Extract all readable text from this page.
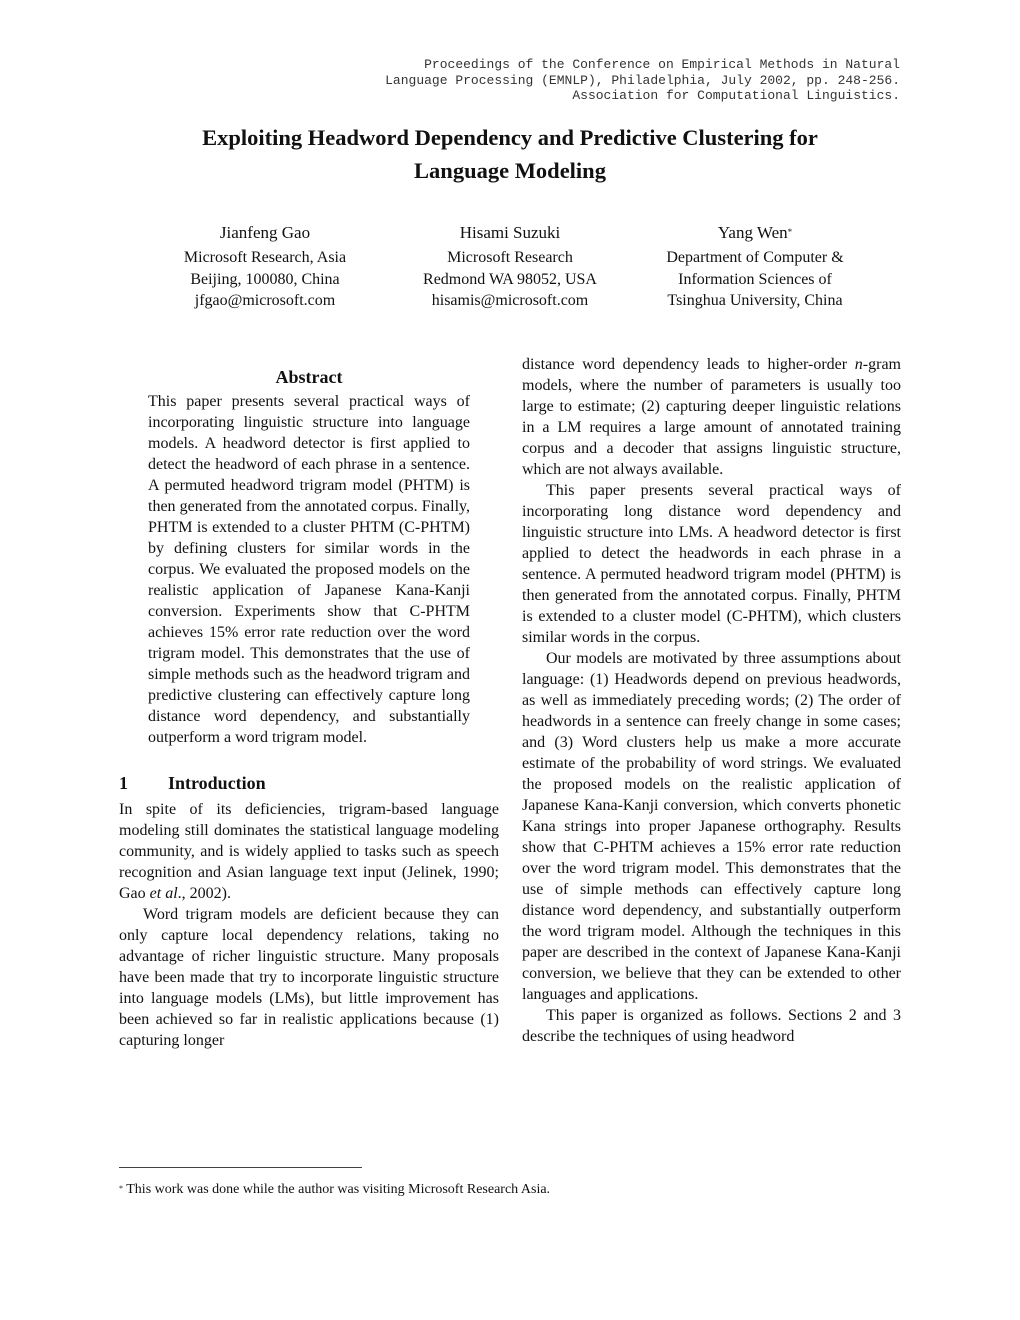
Proceedings of the Conference on Empirical Methods in Natural
Language Processing (EMNLP), Philadelphia, July 2002, pp. 248-256.
Association for Computational Linguistics.
Exploiting Headword Dependency and Predictive Clustering for
Language Modeling
Jianfeng Gao
Microsoft Research, Asia
Beijing, 100080, China
jfgao@microsoft.com
Hisami Suzuki
Microsoft Research
Redmond WA 98052, USA
hisamis@microsoft.com
Yang Wen*
Department of Computer &
Information Sciences of
Tsinghua University, China
Abstract
This paper presents several practical ways of incorporating linguistic structure into language models. A headword detector is first applied to detect the headword of each phrase in a sentence. A permuted headword trigram model (PHTM) is then generated from the annotated corpus. Finally, PHTM is extended to a cluster PHTM (C-PHTM) by defining clusters for similar words in the corpus. We evaluated the proposed models on the realistic application of Japanese Kana-Kanji conversion. Experiments show that C-PHTM achieves 15% error rate reduction over the word trigram model. This demonstrates that the use of simple methods such as the headword trigram and predictive clustering can effectively capture long distance word dependency, and substantially outperform a word trigram model.
1	Introduction

In spite of its deficiencies, trigram-based language modeling still dominates the statistical language modeling community, and is widely applied to tasks such as speech recognition and Asian language text input (Jelinek, 1990; Gao et al., 2002).

Word trigram models are deficient because they can only capture local dependency relations, taking no advantage of richer linguistic structure. Many proposals have been made that try to incorporate linguistic structure into language models (LMs), but little improvement has been achieved so far in realistic applications because (1) capturing longer

distance word dependency leads to higher-order n-gram models, where the number of parameters is usually too large to estimate; (2) capturing deeper linguistic relations in a LM requires a large amount of annotated training corpus and a decoder that assigns linguistic structure, which are not always available.

This paper presents several practical ways of incorporating long distance word dependency and linguistic structure into LMs. A headword detector is first applied to detect the headwords in each phrase in a sentence. A permuted headword trigram model (PHTM) is then generated from the annotated corpus. Finally, PHTM is extended to a cluster model (C-PHTM), which clusters similar words in the corpus.

Our models are motivated by three assumptions about language: (1) Headwords depend on previous headwords, as well as immediately preceding words; (2) The order of headwords in a sentence can freely change in some cases; and (3) Word clusters help us make a more accurate estimate of the probability of word strings. We evaluated the proposed models on the realistic application of Japanese Kana-Kanji conversion, which converts phonetic Kana strings into proper Japanese orthography. Results show that C-PHTM achieves a 15% error rate reduction over the word trigram model. This demonstrates that the use of simple methods can effectively capture long distance word dependency, and substantially outperform the word trigram model. Although the techniques in this paper are described in the context of Japanese Kana-Kanji conversion, we believe that they can be extended to other languages and applications.

This paper is organized as follows. Sections 2 and 3 describe the techniques of using headword

* This work was done while the author was visiting Microsoft Research Asia.
